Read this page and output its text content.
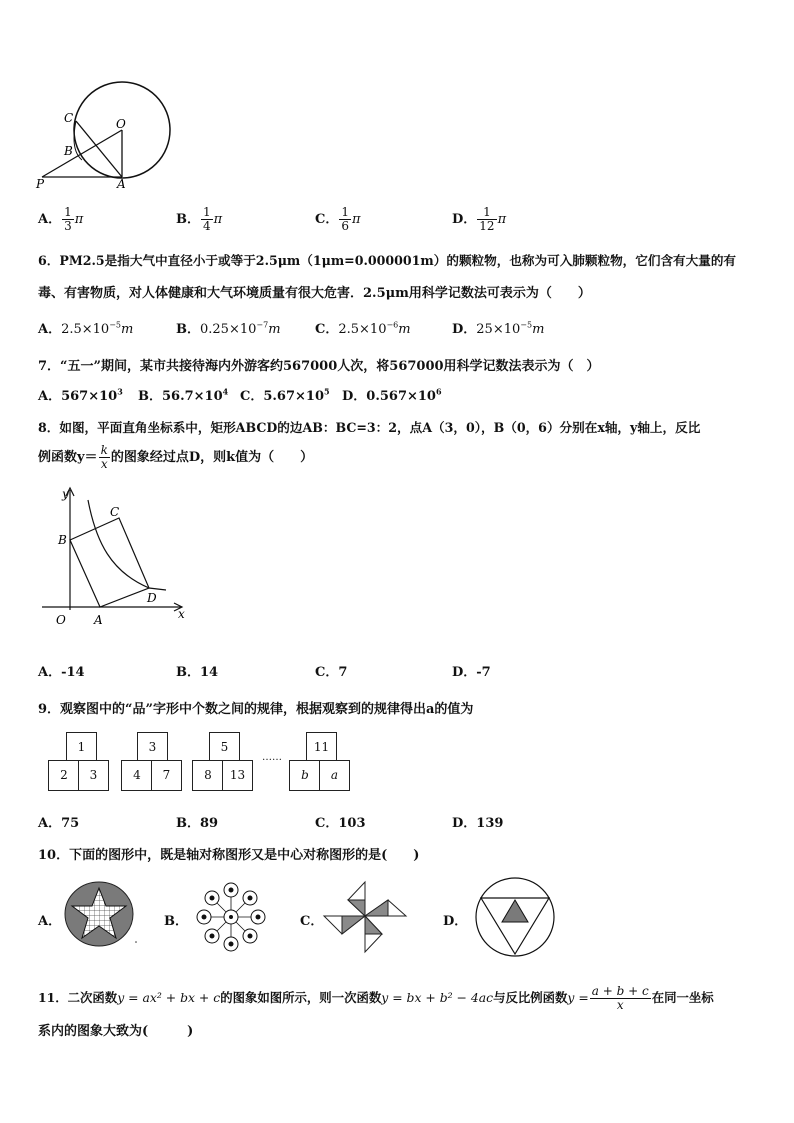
C	O
B
P	A
A． $\frac{1}{3}$ π	B． $\frac{1}{4}$ π	C． $\frac{1}{6}$ π	D． $\frac{1}{12}$ π
6．PM2.5是指大气中直径小于或等于2.5μm（1μm=0.000001m）的颗粒物，也称为可入肺颗粒物，它们含有大量的有
毒、有害物质，对人体健康和大气环境质量有很大危害．2.5μm用科学记数法可表示为（　　）
A．$2.5\times 10^{-5}m$	B．$0.25\times 10^{-7}m$	C．$2.5\times 10^{-6}m$	D．$25\times 10^{-5}m$
7．“五一”期间，某市共接待海内外游客约567000人次，将567000用科学记数法表示为（　）
A．$567\times 10^3$ B．$56.7\times 10^4$ C．$5.67\times 10^5$ D．$0.567\times 10^6$
8．如图，平面直角坐标系中，矩形ABCD的边AB：BC=3：2，点A（3，0），B（0，6）分别在x轴，y轴上，反比
例函数$y= \frac{k}{x}$ 的图象经过点D，则k值为（　　）
y
C
B
D
O A	x
A．-14	B．14	C．7	D．-7
9．观察图中的“品”字形中个数之间的规律，根据观察到的规律得出a的值为
1
2	3
3
4	7
5
8	13
……
11
b	a
A．75	B．89	C．103	D．139
10．下面的图形中，既是轴对称图形又是中心对称图形的是(　　)
A．	B．	C．	D．
11．二次函数y = ax² + bx + c的图象如图所示，则一次函数y = bx + b² − 4ac与反比例函数$y = \frac{a + b + c}{x}$ 在同一坐标
系内的图象大致为(　　　)
